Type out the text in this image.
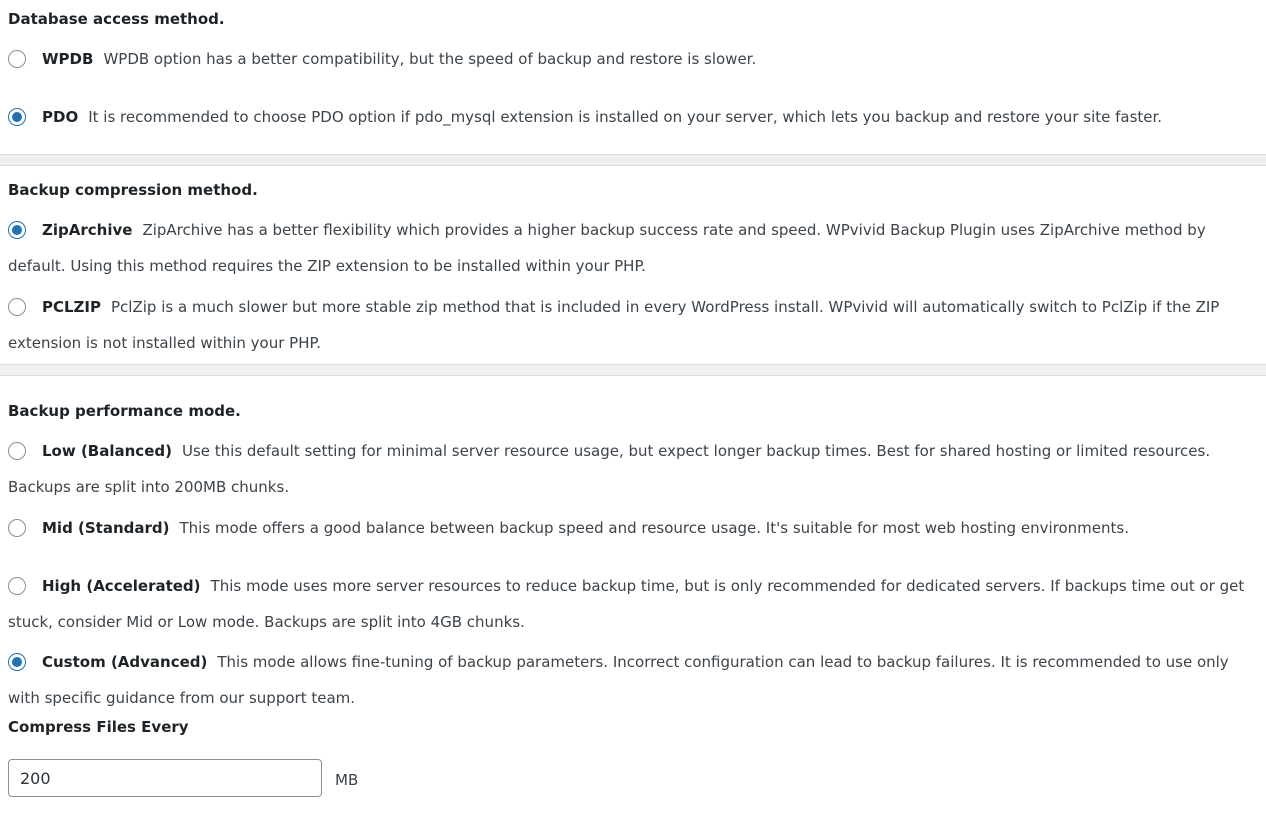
Database access method.
WPDB WPDB option has a better compatibility, but the speed of backup and restore is slower.
PDO It is recommended to choose PDO option if pdo_mysql extension is installed on your server, which lets you backup and restore your site faster.
Backup compression method.
ZipArchive ZipArchive has a better flexibility which provides a higher backup success rate and speed. WPvivid Backup Plugin uses ZipArchive method by default. Using this method requires the ZIP extension to be installed within your PHP.
PCLZIP PclZip is a much slower but more stable zip method that is included in every WordPress install. WPvivid will automatically switch to PclZip if the ZIP extension is not installed within your PHP.
Backup performance mode.
Low (Balanced) Use this default setting for minimal server resource usage, but expect longer backup times. Best for shared hosting or limited resources. Backups are split into 200MB chunks.
Mid (Standard) This mode offers a good balance between backup speed and resource usage. It's suitable for most web hosting environments.
High (Accelerated) This mode uses more server resources to reduce backup time, but is only recommended for dedicated servers. If backups time out or get stuck, consider Mid or Low mode. Backups are split into 4GB chunks.
Custom (Advanced) This mode allows fine-tuning of backup parameters. Incorrect configuration can lead to backup failures. It is recommended to use only with specific guidance from our support team.
Compress Files Every
200
MB
